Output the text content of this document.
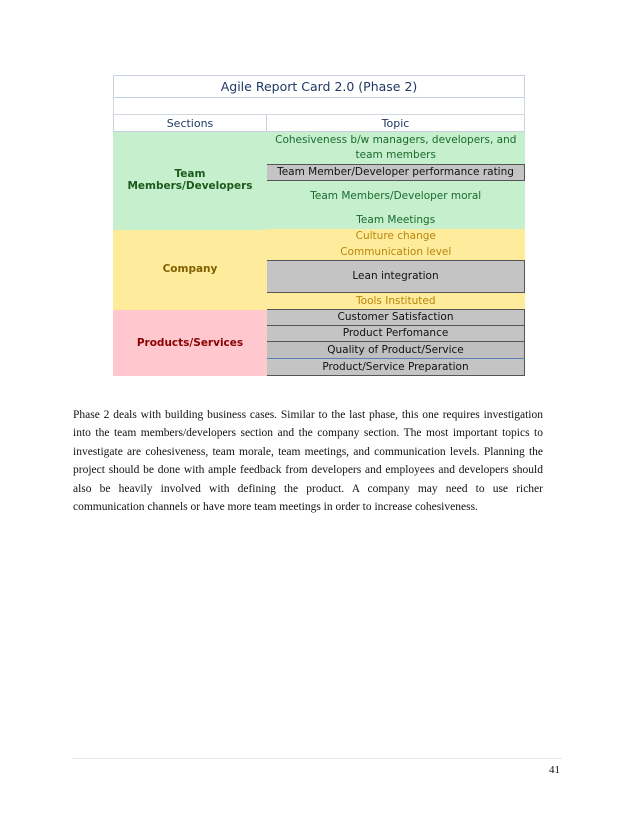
Agile Report Card 2.0 (Phase 2)	

Sections	Topic
Team Members/Developers	Cohesiveness b/w managers, developers, and team members
	Team Member/Developer performance rating
	Team Members/Developer moral
	Team Meetings
Company	Culture change
	Communication level
	Lean integration
	Tools Instituted
Products/Services	Customer Satisfaction
	Product Perfomance
	Quality of Product/Service
	Product/Service Preparation

Phase 2 deals with building business cases. Similar to the last phase, this one requires investigation into the team members/developers section and the company section. The most important topics to investigate are cohesiveness, team morale, team meetings, and communication levels. Planning the project should be done with ample feedback from developers and employees and developers should also be heavily involved with defining the product. A company may need to use richer communication channels or have more team meetings in order to increase cohesiveness.

41
